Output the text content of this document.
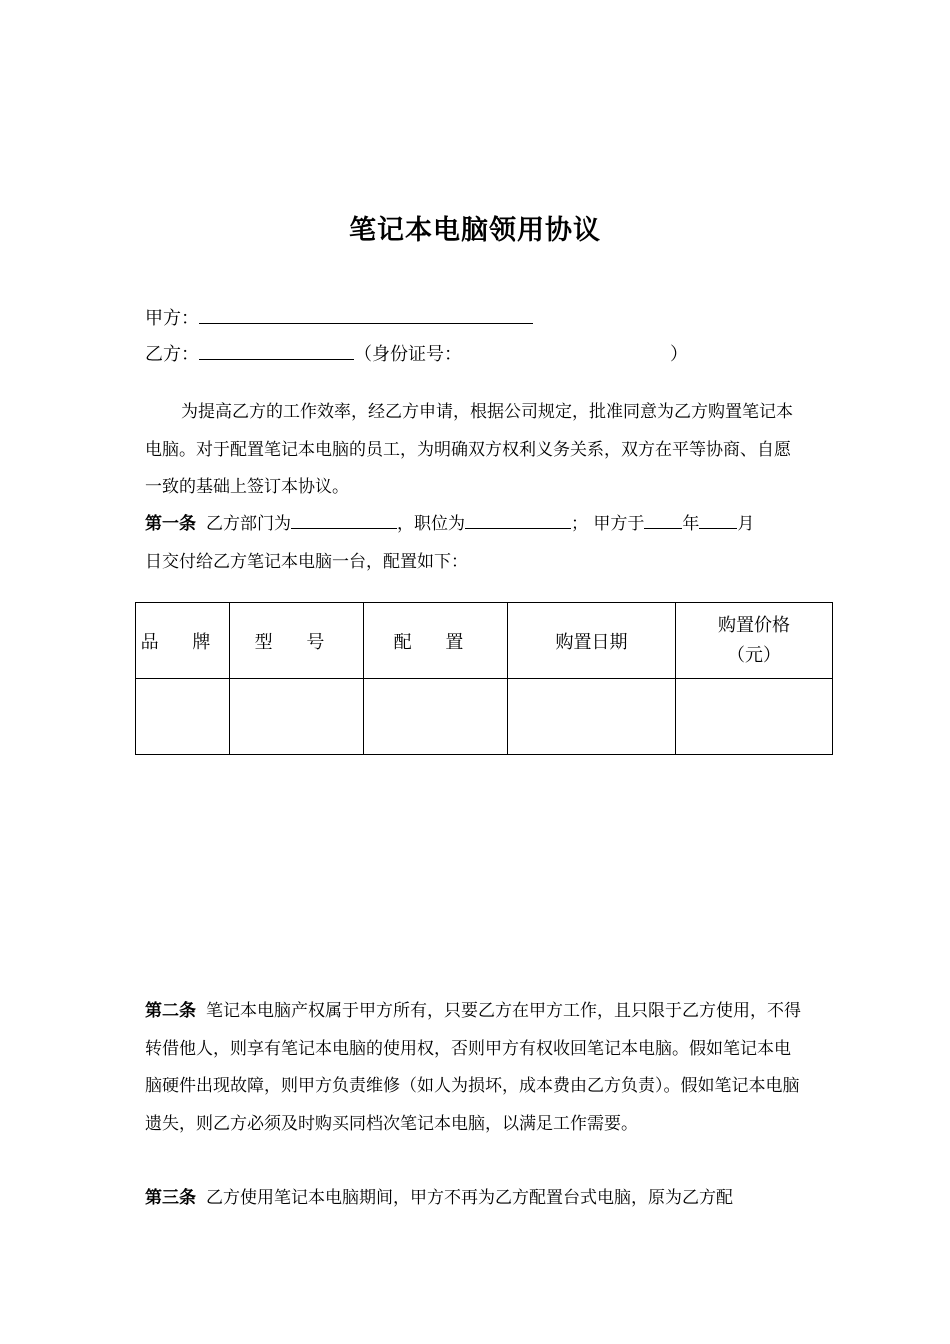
笔记本电脑领用协议
甲方：
乙方：	（身份证号：	）
为提高乙方的工作效率，经乙方申请，根据公司规定，批准同意为乙方购置笔记本电脑。对于配置笔记本电脑的员工，为明确双方权利义务关系，双方在平等协商、自愿一致的基础上签订本协议。
第一条 乙方部门为	，职位为	； 甲方于 年 月
日交付给乙方笔记本电脑一台，配置如下：
品 牌	型 号	配 置	购置日期	购置价格
（元）

第二条 笔记本电脑产权属于甲方所有，只要乙方在甲方工作，且只限于乙方使用，不得转借他人，则享有笔记本电脑的使用权，否则甲方有权收回笔记本电脑。假如笔记本电脑硬件出现故障，则甲方负责维修（如人为损坏，成本费由乙方负责）。假如笔记本电脑遗失，则乙方必须及时购买同档次笔记本电脑，以满足工作需要。
第三条 乙方使用笔记本电脑期间，甲方不再为乙方配置台式电脑，原为乙方配
